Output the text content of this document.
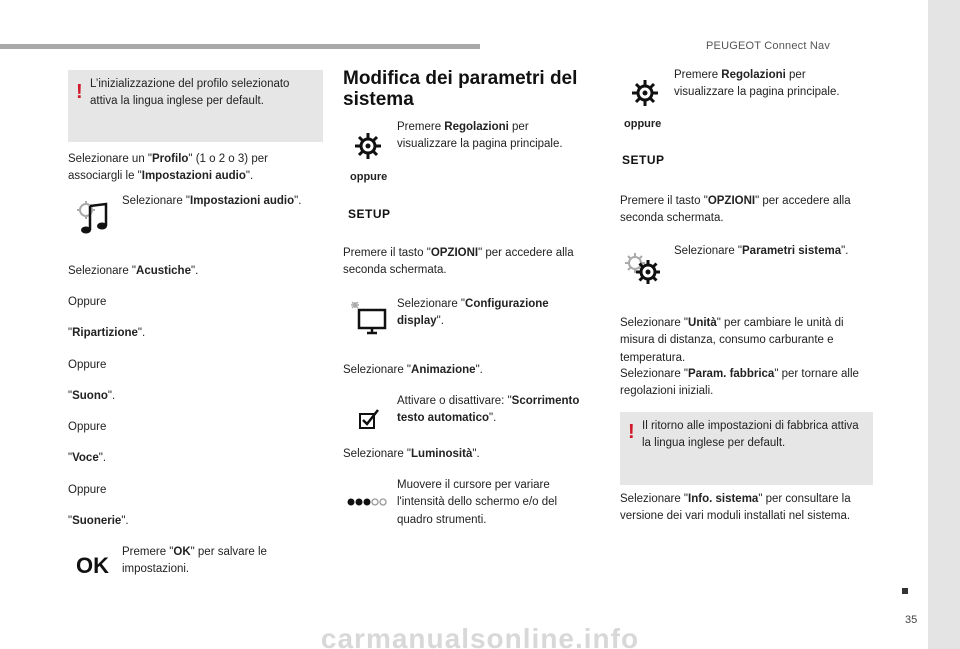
PEUGEOT Connect Nav
35
! L’inizializzazione del profilo selezionato attiva la lingua inglese per default.
Selezionare un "Profilo" (1 o 2 o 3) per associargli le "Impostazioni audio".
Selezionare "Impostazioni audio".
Selezionare "Acustiche".
Oppure
"Ripartizione".
Oppure
"Suono".
Oppure
"Voce".
Oppure
"Suonerie".
OK
Premere "OK" per salvare le impostazioni.
Modifica dei parametri del sistema
Premere Regolazioni per visualizzare la pagina principale.
oppure
SETUP
Premere il tasto "OPZIONI" per accedere alla seconda schermata.
Selezionare "Configurazione display".
Selezionare "Animazione".
Attivare o disattivare: "Scorrimento testo automatico".
Selezionare "Luminosità".
Muovere il cursore per variare l'intensità dello schermo e/o del quadro strumenti.
Premere Regolazioni per visualizzare la pagina principale.
oppure
SETUP
Premere il tasto "OPZIONI" per accedere alla seconda schermata.
Selezionare "Parametri sistema".
Selezionare "Unità" per cambiare le unità di misura di distanza, consumo carburante e temperatura.
Selezionare "Param. fabbrica" per tornare alle regolazioni iniziali.
! Il ritorno alle impostazioni di fabbrica attiva la lingua inglese per default.
Selezionare "Info. sistema" per consultare la versione dei vari moduli installati nel sistema.
carmanualsonline.info
